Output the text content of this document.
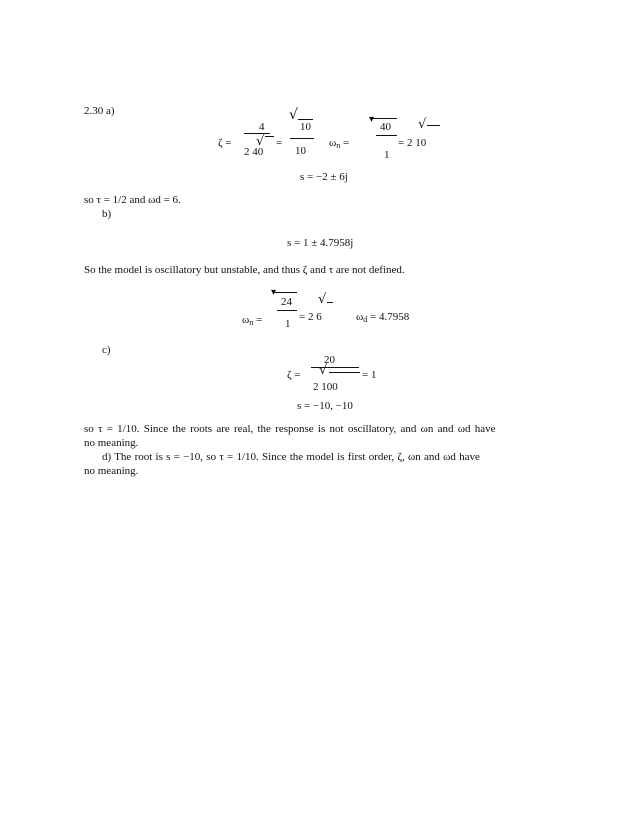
2.30 a)
ζ =
4
√
2 40
=
√
10
10
ωn =
▾
40
1
= 2 10
√
s = −2 ± 6j
so τ = 1/2 and ωd = 6.
b)
s = 1 ± 4.7958j
So the model is oscillatory but unstable, and thus ζ and τ are not defined.
ωn =
▾
24
1
= 2 6
√
ωd = 4.7958
c)
20
ζ = √
2 100
= 1
s = −10, −10
so τ = 1/10. Since the roots are real, the response is not oscillatory, and ωn and ωd have
no meaning.
d) The root is s = −10, so τ = 1/10. Since the model is first order, ζ, ωn and ωd have
no meaning.
